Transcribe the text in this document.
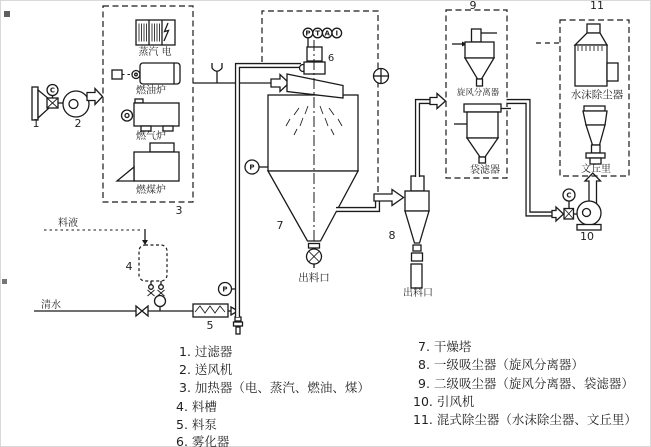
C
1	2
3
蒸汽 电
燃油炉
燃气炉
燃煤炉
料液
4
清水
5
P
P T A I
6
P
7
出料口
8
出料口
9
旋风分离器
袋滤器
C
10
11
水沫除尘器
文丘里
1. 过滤器
2. 送风机
3. 加热器（电、蒸汽、燃油、煤）
4. 料槽
5. 料泵
6. 雾化器
7. 干燥塔
8. 一级吸尘器（旋风分离器）
9. 二级吸尘器（旋风分离器、袋滤器）
10. 引风机
11. 混式除尘器（水沫除尘器、文丘里）
